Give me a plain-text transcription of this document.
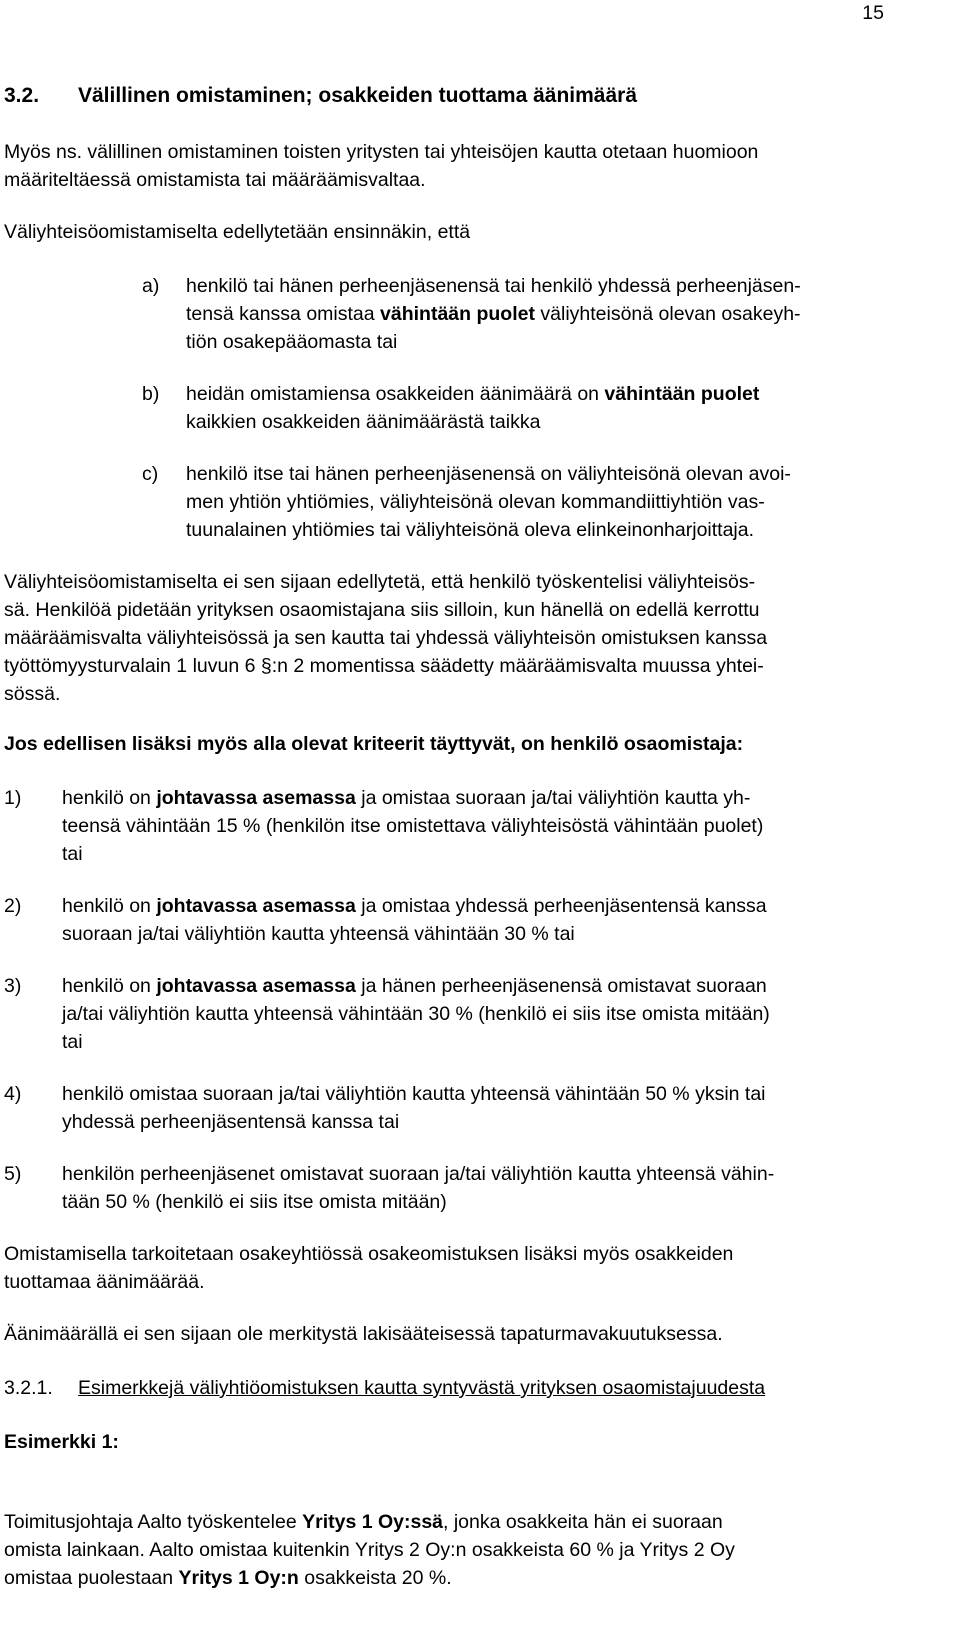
15
3.2. Välillinen omistaminen; osakkeiden tuottama äänimäärä
Myös ns. välillinen omistaminen toisten yritysten tai yhteisöjen kautta otetaan huomioon
määriteltäessä omistamista tai määräämisvaltaa.
Väliyhteisöomistamiselta edellytetään ensinnäkin, että
a)	henkilö tai hänen perheenjäsenensä tai henkilö yhdessä perheenjäsen-
tensä kanssa omistaa vähintään puolet väliyhteisönä olevan osakeyh-
tiön osakepääomasta tai
b)	heidän omistamiensa osakkeiden äänimäärä on vähintään puolet
kaikkien osakkeiden äänimäärästä taikka
c)	henkilö itse tai hänen perheenjäsenensä on väliyhteisönä olevan avoi-
men yhtiön yhtiömies, väliyhteisönä olevan kommandiittiyhtiön vas-
tuunalainen yhtiömies tai väliyhteisönä oleva elinkeinonharjoittaja.
Väliyhteisöomistamiselta ei sen sijaan edellytetä, että henkilö työskentelisi väliyhteisös-
sä. Henkilöä pidetään yrityksen osaomistajana siis silloin, kun hänellä on edellä kerrottu
määräämisvalta väliyhteisössä ja sen kautta tai yhdessä väliyhteisön omistuksen kanssa
työttömyysturvalain 1 luvun 6 §:n 2 momentissa säädetty määräämisvalta muussa yhtei-
sössä.
Jos edellisen lisäksi myös alla olevat kriteerit täyttyvät, on henkilö osaomistaja:
1)	henkilö on johtavassa asemassa ja omistaa suoraan ja/tai väliyhtiön kautta yh-
teensä vähintään 15 % (henkilön itse omistettava väliyhteisöstä vähintään puolet)
tai
2)	henkilö on johtavassa asemassa ja omistaa yhdessä perheenjäsentensä kanssa
suoraan ja/tai väliyhtiön kautta yhteensä vähintään 30 % tai
3)	henkilö on johtavassa asemassa ja hänen perheenjäsenensä omistavat suoraan
ja/tai väliyhtiön kautta yhteensä vähintään 30 % (henkilö ei siis itse omista mitään)
tai
4)	henkilö omistaa suoraan ja/tai väliyhtiön kautta yhteensä vähintään 50 % yksin tai
yhdessä perheenjäsentensä kanssa tai
5)	henkilön perheenjäsenet omistavat suoraan ja/tai väliyhtiön kautta yhteensä vähin-
tään 50 % (henkilö ei siis itse omista mitään)
Omistamisella tarkoitetaan osakeyhtiössä osakeomistuksen lisäksi myös osakkeiden
tuottamaa äänimäärää.
Äänimäärällä ei sen sijaan ole merkitystä lakisääteisessä tapaturmavakuutuksessa.
3.2.1. Esimerkkejä väliyhtiöomistuksen kautta syntyvästä yrityksen osaomistajuudesta
Esimerkki 1:
Toimitusjohtaja Aalto työskentelee Yritys 1 Oy:ssä, jonka osakkeita hän ei suoraan
omista lainkaan. Aalto omistaa kuitenkin Yritys 2 Oy:n osakkeista 60 % ja Yritys 2 Oy
omistaa puolestaan Yritys 1 Oy:n osakkeista 20 %.
